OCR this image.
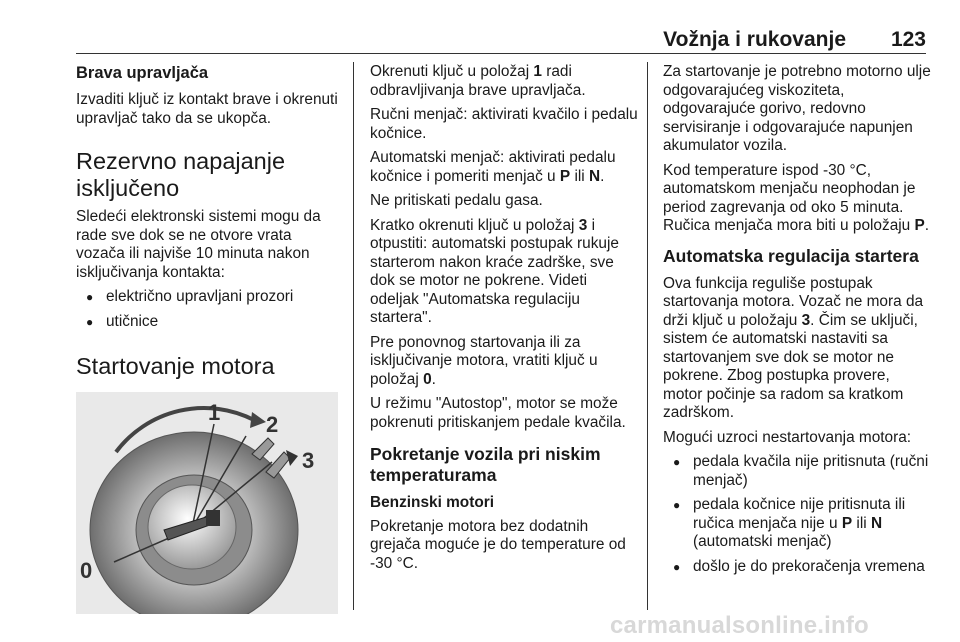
Vožnja i rukovanje 123
Brava upravljača

Izvaditi ključ iz kontakt brave i okrenuti upravljač tako da se ukopča.

Rezervno napajanje isključeno

Sledeći elektronski sistemi mogu da rade sve dok se ne otvore vrata vozača ili najviše 10 minuta nakon isključivanja kontakta:

● električno upravljani prozori
● utičnice
Startovanje motora
0
1 2
3

Okrenuti ključ u položaj 1 radi odbravljivanja brave upravljača.

Ručni menjač: aktivirati kvačilo i pedalu kočnice.

Automatski menjač: aktivirati pedalu kočnice i pomeriti menjač u P ili N.

Ne pritiskati pedalu gasa.

Kratko okrenuti ključ u položaj 3 i otpustiti: automatski postupak rukuje starterom nakon kraće zadrške, sve dok se motor ne pokrene. Videti odeljak "Automatska regulaciju startera".

Pre ponovnog startovanja ili za isključivanje motora, vratiti ključ u položaj 0.

U režimu "Autostop", motor se može pokrenuti pritiskanjem pedale kvačila.

Pokretanje vozila pri niskim temperaturama
Benzinski motori

Pokretanje motora bez dodatnih grejača moguće je do temperature od -30 °C.

Za startovanje je potrebno motorno ulje odgovarajućeg viskoziteta, odgovarajuće gorivo, redovno servisiranje i odgovarajuće napunjen akumulator vozila.

Kod temperature ispod -30 °C, automatskom menjaču neophodan je period zagrevanja od oko 5 minuta. Ručica menjača mora biti u položaju P.

Automatska regulacija startera

Ova funkcija reguliše postupak startovanja motora. Vozač ne mora da drži ključ u položaju 3. Čim se uključi, sistem će automatski nastaviti sa startovanjem sve dok se motor ne pokrene. Zbog postupka provere, motor počinje sa radom sa kratkom zadrškom.

Mogući uzroci nestartovanja motora:

● pedala kvačila nije pritisnuta (ručni menjač)
● pedala kočnice nije pritisnuta ili ručica menjača nije u P ili N (automatski menjač)
● došlo je do prekoračenja vremena
carmanualsonline.info
